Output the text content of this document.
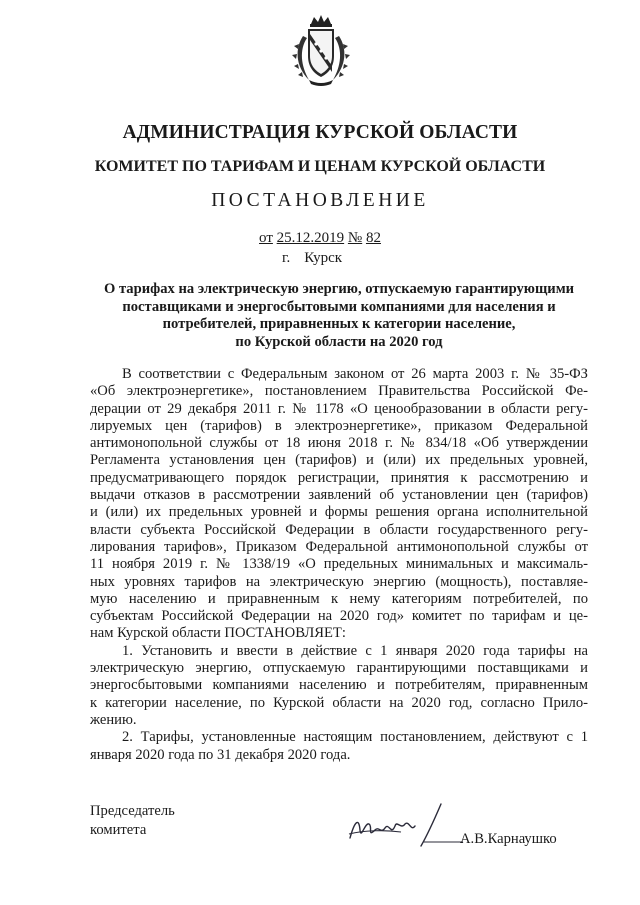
АДМИНИСТРАЦИЯ КУРСКОЙ ОБЛАСТИ
КОМИТЕТ ПО ТАРИФАМ И ЦЕНАМ КУРСКОЙ ОБЛАСТИ
ПОСТАНОВЛЕНИЕ
от 25.12.2019 № 82
г. Курск
О тарифах на электрическую энергию, отпускаемую гарантирующими
поставщиками и энергосбытовыми компаниями для населения и
потребителей, приравненных к категории население,
по Курской области на 2020 год
В соответствии с Федеральным законом от 26 марта 2003 г. № 35-ФЗ
«Об электроэнергетике», постановлением Правительства Российской Фе-
дерации от 29 декабря 2011 г. № 1178 «О ценообразовании в области регу-
лируемых цен (тарифов) в электроэнергетике», приказом Федеральной
антимонопольной службы от 18 июня 2018 г. № 834/18 «Об утверждении
Регламента установления цен (тарифов) и (или) их предельных уровней,
предусматривающего порядок регистрации, принятия к рассмотрению и
выдачи отказов в рассмотрении заявлений об установлении цен (тарифов)
и (или) их предельных уровней и формы решения органа исполнительной
власти субъекта Российской Федерации в области государственного регу-
лирования тарифов», Приказом Федеральной антимонопольной службы от
11 ноября 2019 г. № 1338/19 «О предельных минимальных и максималь-
ных уровнях тарифов на электрическую энергию (мощность), поставляе-
мую населению и приравненным к нему категориям потребителей, по
субъектам Российской Федерации на 2020 год» комитет по тарифам и це-
нам Курской области ПОСТАНОВЛЯЕТ:
1. Установить и ввести в действие с 1 января 2020 года тарифы на
электрическую энергию, отпускаемую гарантирующими поставщиками и
энергосбытовыми компаниями населению и потребителям, приравненным
к категории население, по Курской области на 2020 год, согласно Прило-
жению.
2. Тарифы, установленные настоящим постановлением, действуют с 1
января 2020 года по 31 декабря 2020 года.
Председатель
комитета
А.В.Карнаушко
